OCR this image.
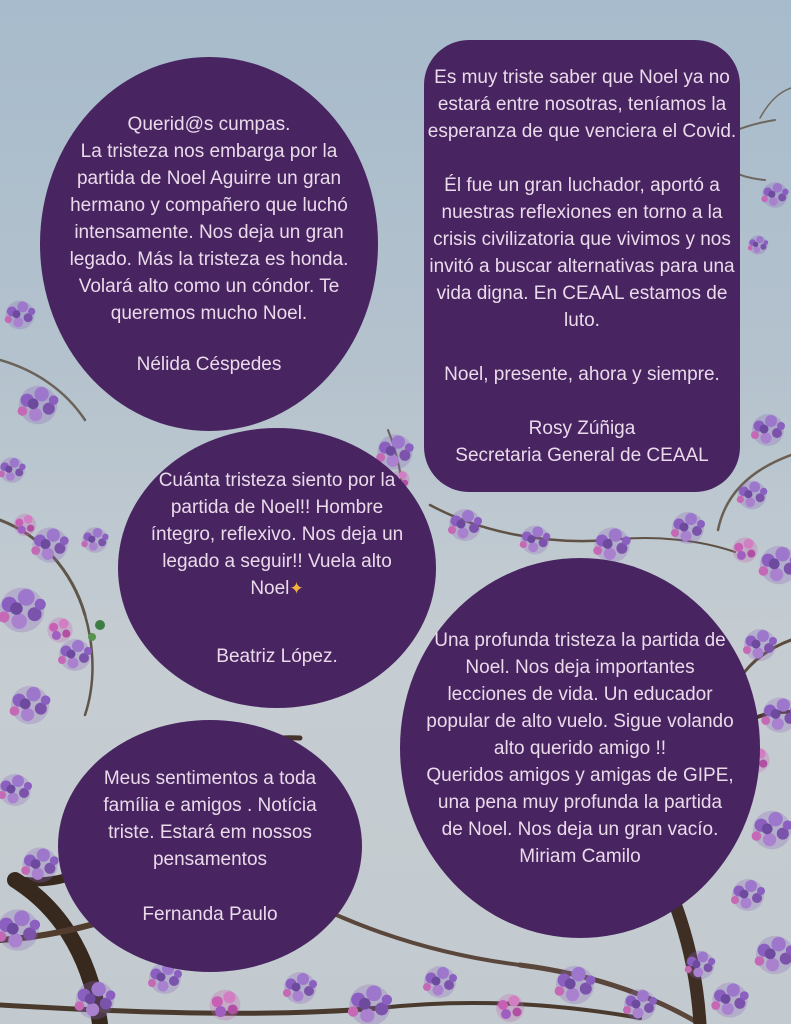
Querid@s cumpas.

La tristeza nos embarga por la partida de Noel Aguirre un gran hermano y compañero que luchó intensamente. Nos deja un gran legado. Más la tristeza es honda. Volará alto como un cóndor. Te queremos mucho Noel.

Nélida Céspedes

Es muy triste saber que Noel ya no estará entre nosotras, teníamos la esperanza de que venciera el Covid.

Él fue un gran luchador, aportó a nuestras reflexiones en torno a la crisis civilizatoria que vivimos y nos invitó a buscar alternativas para una vida digna. En CEAAL estamos de luto.

Noel, presente, ahora y siempre.

Rosy Zúñiga

Secretaria General de CEAAL

Cuánta tristeza siento por la partida de Noel!! Hombre íntegro, reflexivo. Nos deja un legado a seguir!! Vuela alto Noel✦

Beatriz López.

Una profunda tristeza la partida de Noel. Nos deja importantes lecciones de vida. Un educador popular de alto vuelo. Sigue volando alto querido amigo !!

Queridos amigos y amigas de GIPE, una pena muy profunda la partida de Noel. Nos deja un gran vacío.

Miriam Camilo

Meus sentimentos a toda família e amigos . Notícia triste. Estará em nossos pensamentos

Fernanda Paulo
